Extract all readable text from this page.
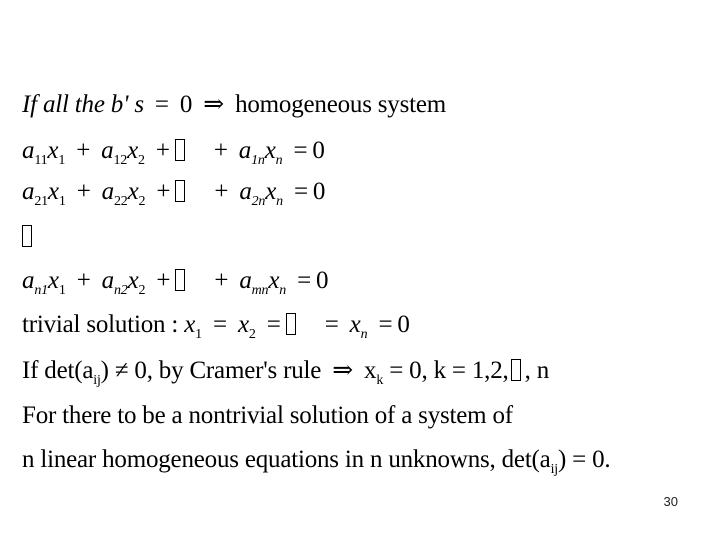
If all the b' s = 0 ⇒ homogeneous system
$a_{11}x_1 + a_{12}x_2$ + + $a_{1n}x_n = 0$
$a_{21}x_1 + a_{22}x_2$ + + $a_{2n}x_n = 0$
$a_{n1}x_1 + a_{n2}x_2$ + + $a_{mn}x_n = 0$
trivial solution : $x_1 = x_2$ = = $x_n = 0$
If $\det(a_{ij}) \ne 0$, by Cramer's rule ⇒ $x_k = 0$, k = 1,2, , n
For there to be a nontrivial solution of a system of
n linear homogeneous equations in n unknowns, $\det(a_{ij}) = 0$.
30
